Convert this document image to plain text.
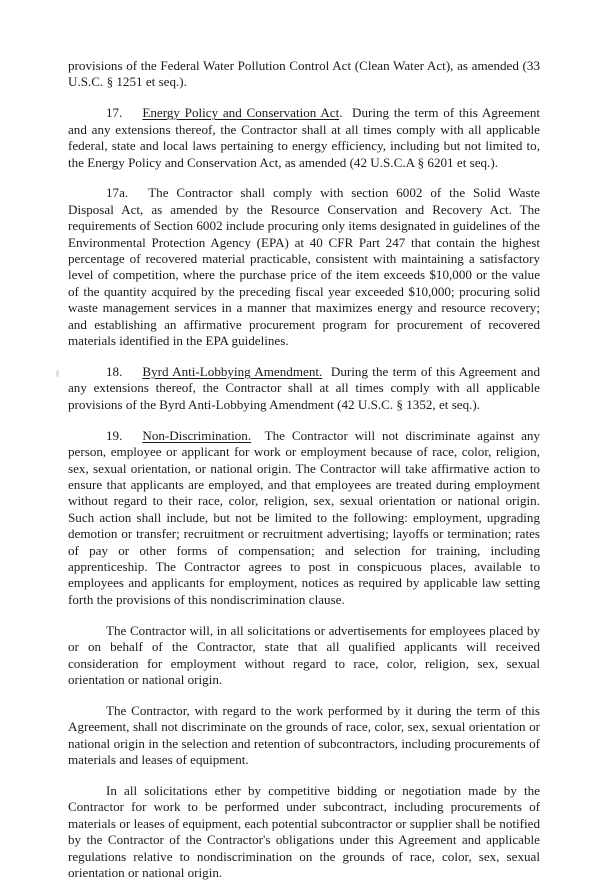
provisions of the Federal Water Pollution Control Act (Clean Water Act), as amended (33 U.S.C. § 1251 et seq.).

17. Energy Policy and Conservation Act. During the term of this Agreement and any extensions thereof, the Contractor shall at all times comply with all applicable federal, state and local laws pertaining to energy efficiency, including but not limited to, the Energy Policy and Conservation Act, as amended (42 U.S.C.A § 6201 et seq.).

17a. The Contractor shall comply with section 6002 of the Solid Waste Disposal Act, as amended by the Resource Conservation and Recovery Act. The requirements of Section 6002 include procuring only items designated in guidelines of the Environmental Protection Agency (EPA) at 40 CFR Part 247 that contain the highest percentage of recovered material practicable, consistent with maintaining a satisfactory level of competition, where the purchase price of the item exceeds $10,000 or the value of the quantity acquired by the preceding fiscal year exceeded $10,000; procuring solid waste management services in a manner that maximizes energy and resource recovery; and establishing an affirmative procurement program for procurement of recovered materials identified in the EPA guidelines.

18. Byrd Anti-Lobbying Amendment. During the term of this Agreement and any extensions thereof, the Contractor shall at all times comply with all applicable provisions of the Byrd Anti-Lobbying Amendment (42 U.S.C. § 1352, et seq.).

19. Non-Discrimination. The Contractor will not discriminate against any person, employee or applicant for work or employment because of race, color, religion, sex, sexual orientation, or national origin. The Contractor will take affirmative action to ensure that applicants are employed, and that employees are treated during employment without regard to their race, color, religion, sex, sexual orientation or national origin. Such action shall include, but not be limited to the following: employment, upgrading demotion or transfer; recruitment or recruitment advertising; layoffs or termination; rates of pay or other forms of compensation; and selection for training, including apprenticeship. The Contractor agrees to post in conspicuous places, available to employees and applicants for employment, notices as required by applicable law setting forth the provisions of this nondiscrimination clause.

The Contractor will, in all solicitations or advertisements for employees placed by or on behalf of the Contractor, state that all qualified applicants will received consideration for employment without regard to race, color, religion, sex, sexual orientation or national origin.

The Contractor, with regard to the work performed by it during the term of this Agreement, shall not discriminate on the grounds of race, color, sex, sexual orientation or national origin in the selection and retention of subcontractors, including procurements of materials and leases of equipment.

In all solicitations ether by competitive bidding or negotiation made by the Contractor for work to be performed under subcontract, including procurements of materials or leases of equipment, each potential subcontractor or supplier shall be notified by the Contractor of the Contractor's obligations under this Agreement and applicable regulations relative to nondiscrimination on the grounds of race, color, sex, sexual orientation or national origin.
